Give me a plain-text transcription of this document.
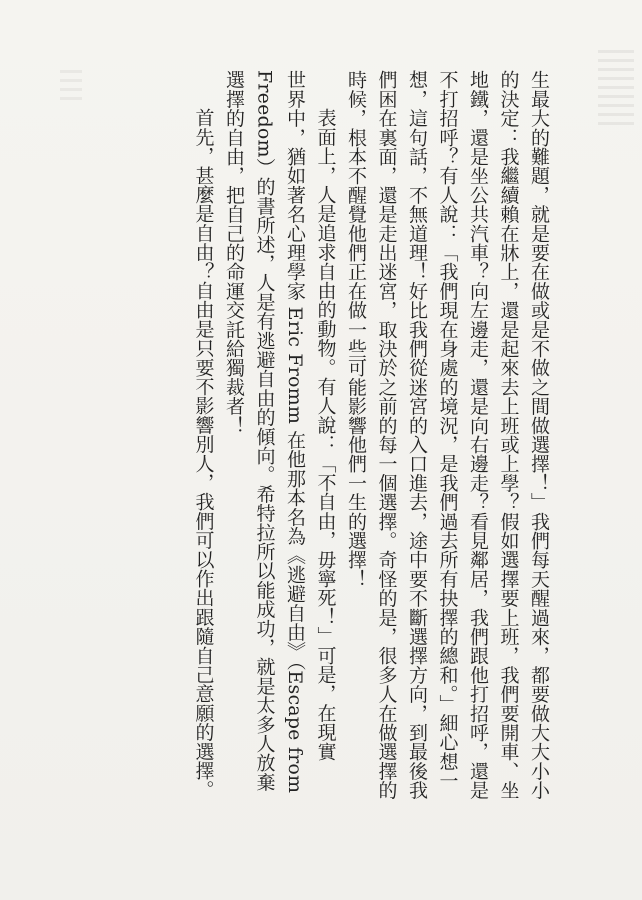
生最大的難題，就是要在做或是不做之間做選擇！」我們每天醒過來，都要做大大小小
的決定：我繼續賴在牀上，還是起來去上班或上學？假如選擇要上班，我們要開車、坐
地鐵，還是坐公共汽車？向左邊走，還是向右邊走？看見鄰居，我們跟他打招呼，還是
不打招呼？有人說：「我們現在身處的境況，是我們過去所有抉擇的總和。」細心想一
想，這句話，不無道理！好比我們從迷宮的入口進去，途中要不斷選擇方向，到最後我
們困在裏面，還是走出迷宮，取決於之前的每一個選擇。奇怪的是，很多人在做選擇的
時候，根本不醒覺他們正在做一些可能影響他們一生的選擇！

表面上，人是追求自由的動物。有人說：「不自由，毋寧死！」可是，在現實
世界中，猶如著名心理學家 Eric Fromm 在他那本名為《逃避自由》（Escape from
Freedom）的書所述，人是有逃避自由的傾向。希特拉所以能成功，就是太多人放棄
選擇的自由，把自己的命運交託給獨裁者！

首先，甚麼是自由？自由是只要不影響別人，我們可以作出跟隨自己意願的選擇。
